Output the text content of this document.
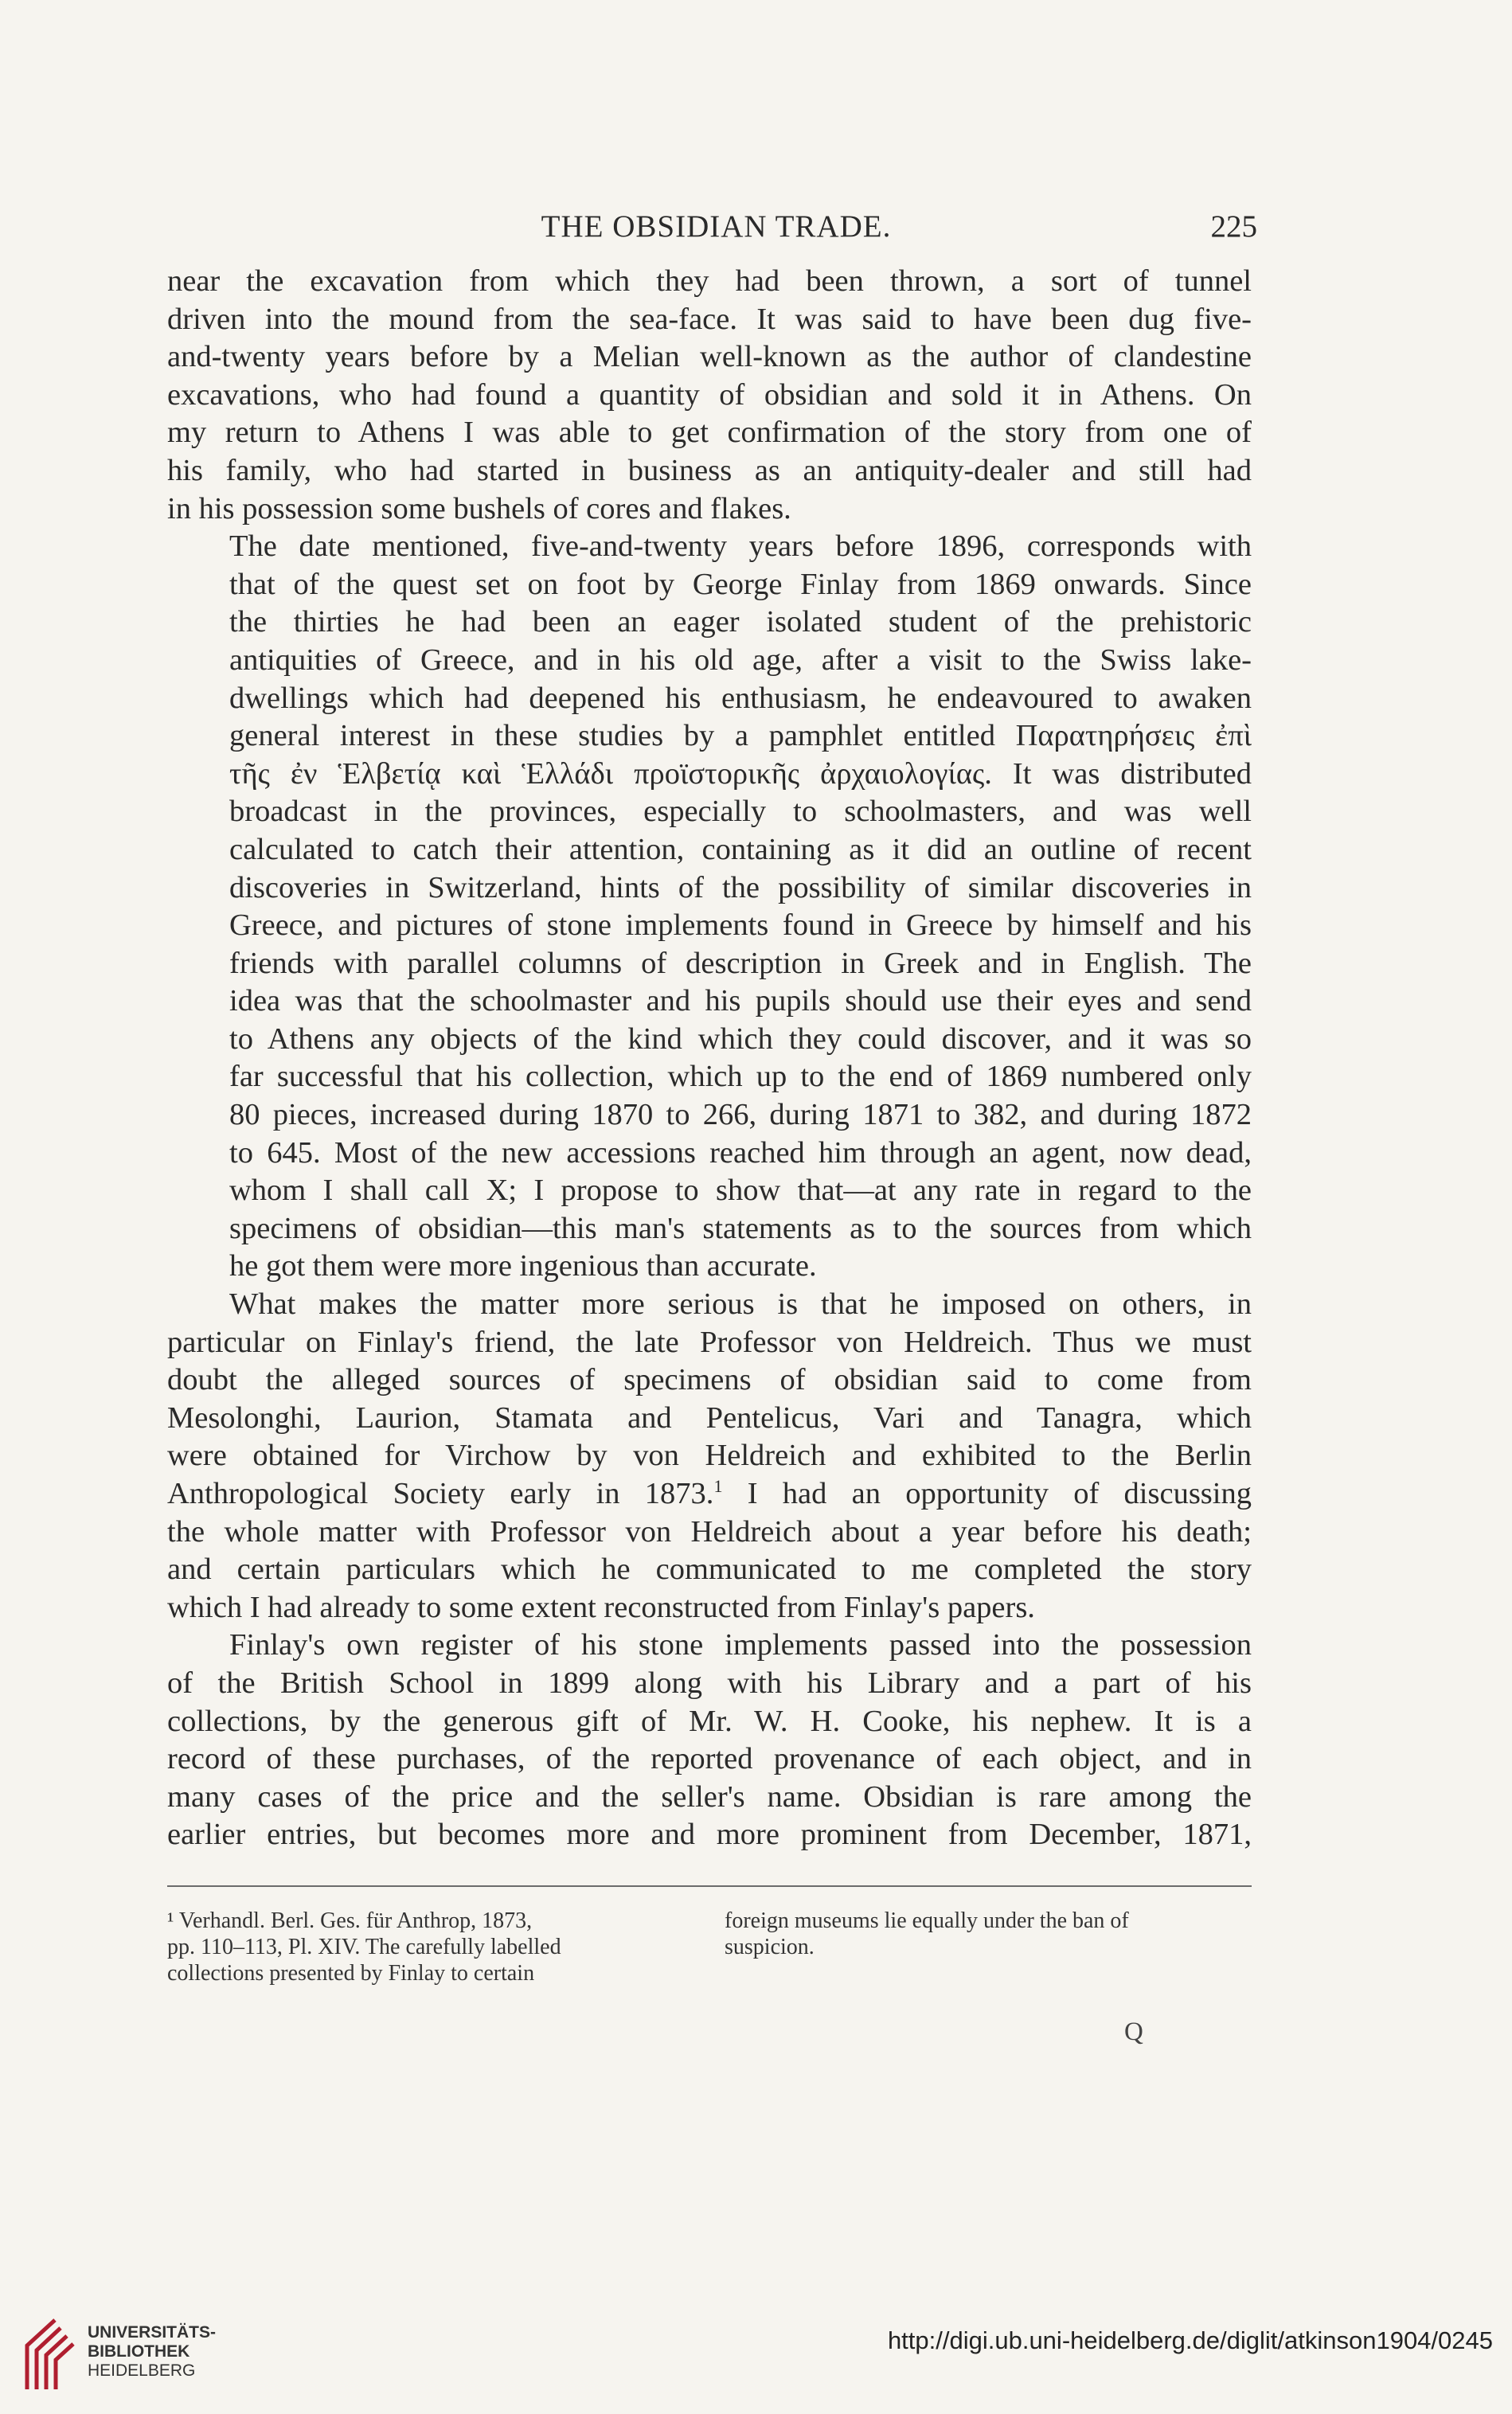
THE OBSIDIAN TRADE.	225

near the excavation from which they had been thrown, a sort of tunnel
driven into the mound from the sea-face. It was said to have been dug five-
and-twenty years before by a Melian well-known as the author of clandestine
excavations, who had found a quantity of obsidian and sold it in Athens. On
my return to Athens I was able to get confirmation of the story from one of
his family, who had started in business as an antiquity-dealer and still had
in his possession some bushels of cores and flakes.

The date mentioned, five-and-twenty years before 1896, corresponds with
that of the quest set on foot by George Finlay from 1869 onwards. Since
the thirties he had been an eager isolated student of the prehistoric
antiquities of Greece, and in his old age, after a visit to the Swiss lake-
dwellings which had deepened his enthusiasm, he endeavoured to awaken
general interest in these studies by a pamphlet entitled Παρατηρήσεις ἐπὶ
τῆς ἐν Ἑλβετίᾳ καὶ Ἑλλάδι προϊστορικῆς ἀρχαιολογίας. It was distributed
broadcast in the provinces, especially to schoolmasters, and was well
calculated to catch their attention, containing as it did an outline of recent
discoveries in Switzerland, hints of the possibility of similar discoveries in
Greece, and pictures of stone implements found in Greece by himself and his
friends with parallel columns of description in Greek and in English. The
idea was that the schoolmaster and his pupils should use their eyes and send
to Athens any objects of the kind which they could discover, and it was so
far successful that his collection, which up to the end of 1869 numbered only
80 pieces, increased during 1870 to 266, during 1871 to 382, and during 1872
to 645. Most of the new accessions reached him through an agent, now dead,
whom I shall call X; I propose to show that—at any rate in regard to the
specimens of obsidian—this man's statements as to the sources from which
he got them were more ingenious than accurate.

What makes the matter more serious is that he imposed on others, in
particular on Finlay's friend, the late Professor von Heldreich. Thus we must
doubt the alleged sources of specimens of obsidian said to come from
Mesolonghi, Laurion, Stamata and Pentelicus, Vari and Tanagra, which
were obtained for Virchow by von Heldreich and exhibited to the Berlin
Anthropological Society early in 1873.$^1$ I had an opportunity of discussing
the whole matter with Professor von Heldreich about a year before his death;
and certain particulars which he communicated to me completed the story
which I had already to some extent reconstructed from Finlay's papers.

Finlay's own register of his stone implements passed into the possession
of the British School in 1899 along with his Library and a part of his
collections, by the generous gift of Mr. W. H. Cooke, his nephew. It is a
record of these purchases, of the reported provenance of each object, and in
many cases of the price and the seller's name. Obsidian is rare among the
earlier entries, but becomes more and more prominent from December, 1871,

¹ Verhandl. Berl. Ges. für Anthrop, 1873,
pp. 110–113, Pl. XIV. The carefully labelled
collections presented by Finlay to certain
foreign museums lie equally under the ban of
suspicion.
Q
UNIVERSITÄTS-
BIBLIOTHEK
HEIDELBERG
http://digi.ub.uni-heidelberg.de/diglit/atkinson1904/0245
